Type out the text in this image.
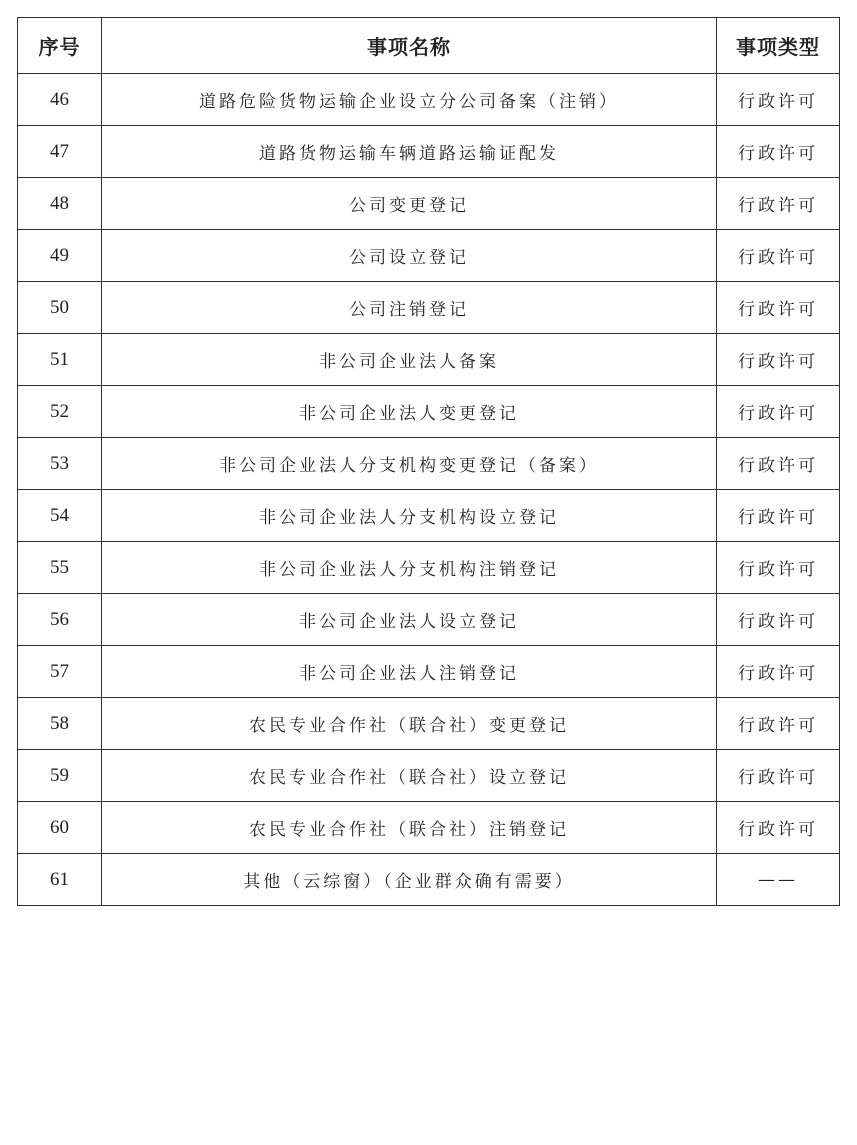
序号	事项名称	事项类型
46	道路危险货物运输企业设立分公司备案（注销）	行政许可
47	道路货物运输车辆道路运输证配发	行政许可
48	公司变更登记	行政许可
49	公司设立登记	行政许可
50	公司注销登记	行政许可
51	非公司企业法人备案	行政许可
52	非公司企业法人变更登记	行政许可
53	非公司企业法人分支机构变更登记（备案）	行政许可
54	非公司企业法人分支机构设立登记	行政许可
55	非公司企业法人分支机构注销登记	行政许可
56	非公司企业法人设立登记	行政许可
57	非公司企业法人注销登记	行政许可
58	农民专业合作社（联合社）变更登记	行政许可
59	农民专业合作社（联合社）设立登记	行政许可
60	农民专业合作社（联合社）注销登记	行政许可
61	其他（云综窗）（企业群众确有需要）	——
